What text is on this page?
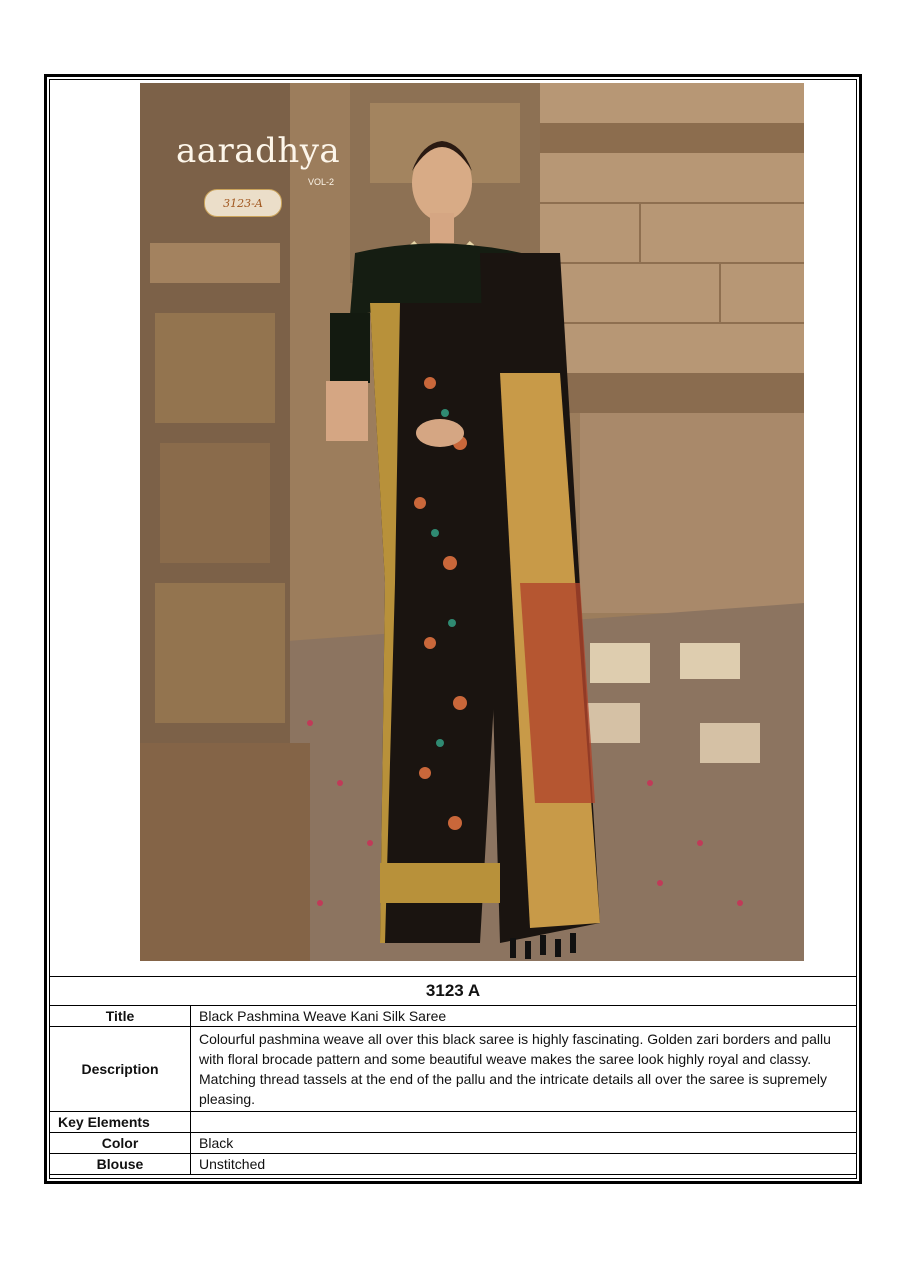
aaradhya
VOL-2
3123-A
3123 A	
Title	Black Pashmina Weave Kani Silk Saree
Description	Colourful pashmina weave all over this black saree is highly fascinating. Golden zari borders and pallu with floral brocade pattern and some beautiful weave makes the saree look highly royal and classy. Matching thread tassels at the end of the pallu and the intricate details all over the saree is supremely pleasing.
Key Elements	
Color	Black
Blouse	Unstitched
